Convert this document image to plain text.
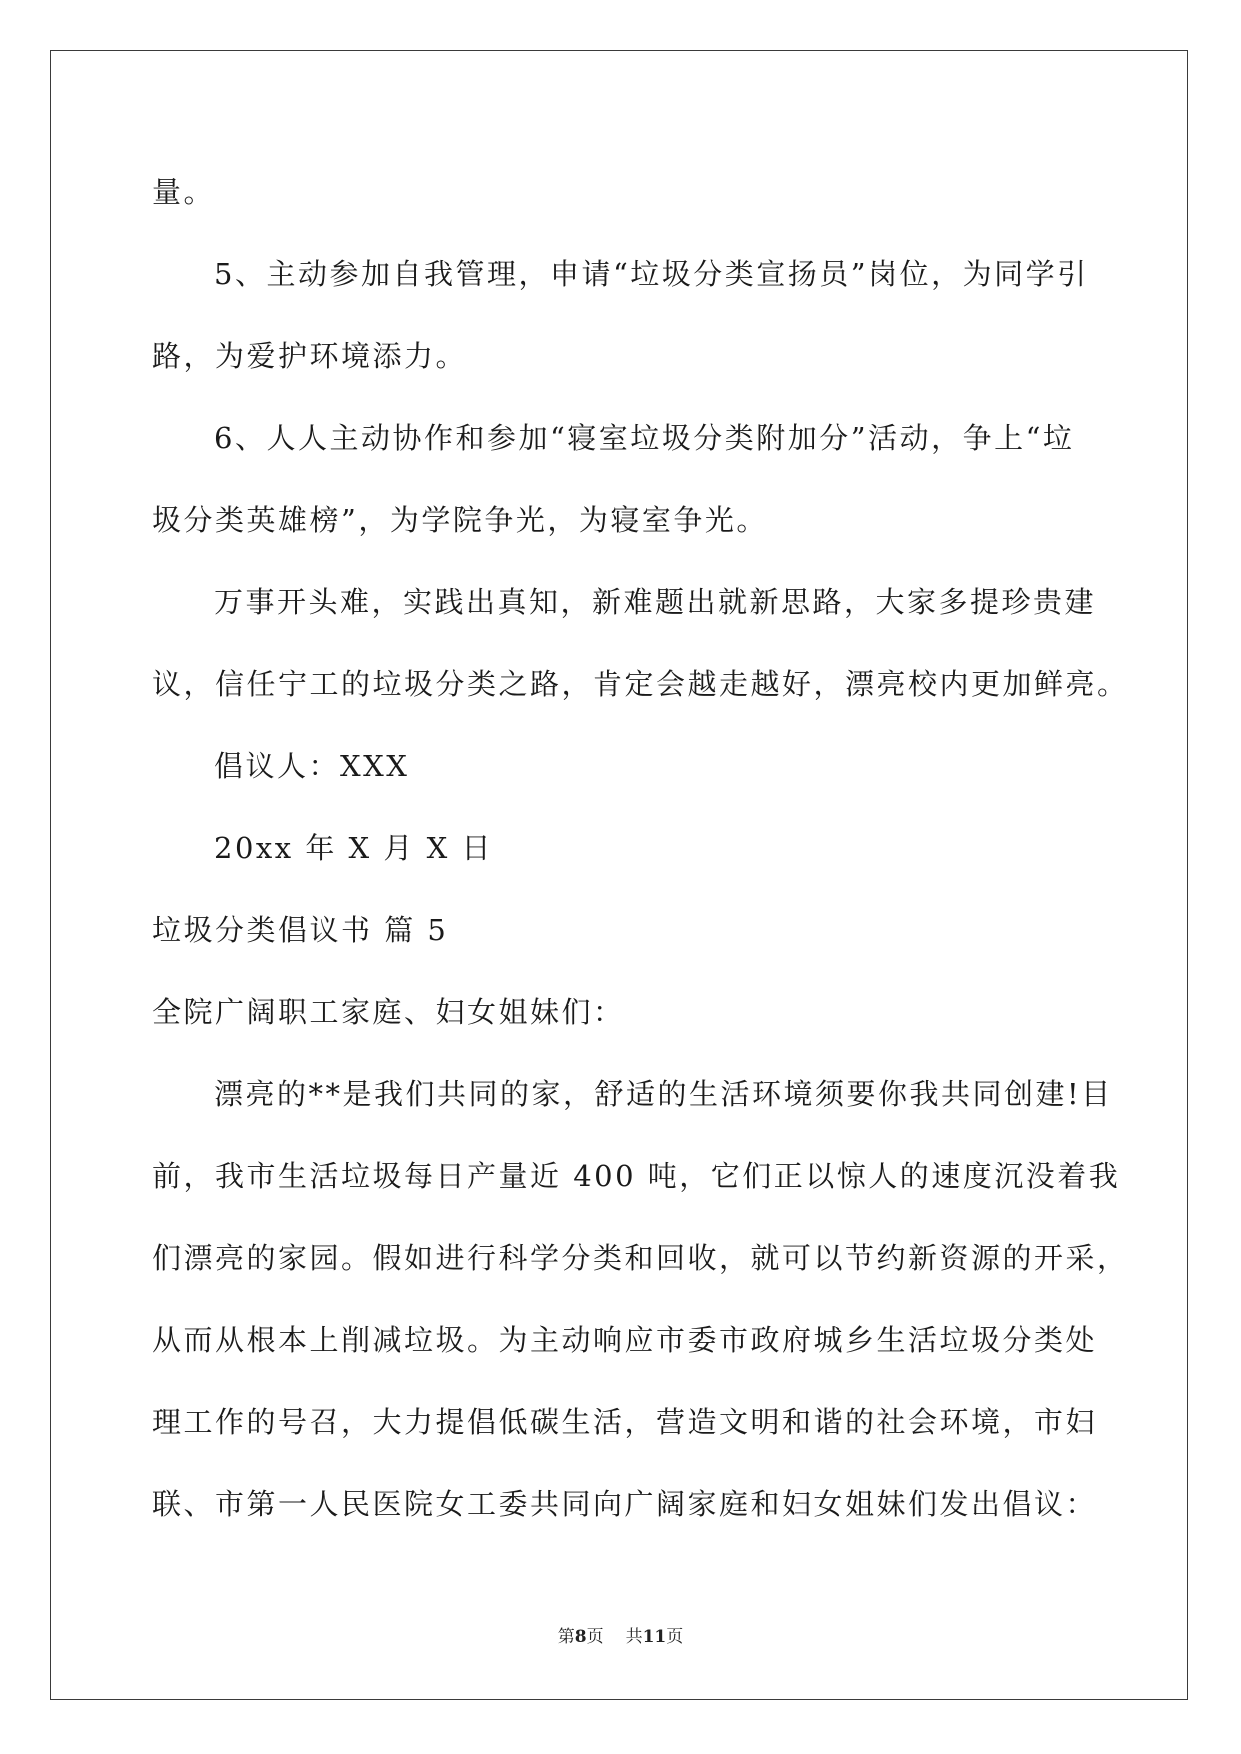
量。
5、主动参加自我管理，申请“垃圾分类宣扬员”岗位，为同学引
路，为爱护环境添力。
6、人人主动协作和参加“寝室垃圾分类附加分”活动，争上“垃
圾分类英雄榜”，为学院争光，为寝室争光。
万事开头难，实践出真知，新难题出就新思路，大家多提珍贵建
议，信任宁工的垃圾分类之路，肯定会越走越好，漂亮校内更加鲜亮。
倡议人：XXX
20xx 年 X 月 X 日
垃圾分类倡议书 篇 5
全院广阔职工家庭、妇女姐妹们：
漂亮的**是我们共同的家，舒适的生活环境须要你我共同创建!目
前，我市生活垃圾每日产量近 400 吨，它们正以惊人的速度沉没着我
们漂亮的家园。假如进行科学分类和回收，就可以节约新资源的开采，
从而从根本上削减垃圾。为主动响应市委市政府城乡生活垃圾分类处
理工作的号召，大力提倡低碳生活，营造文明和谐的社会环境，市妇
联、市第一人民医院女工委共同向广阔家庭和妇女姐妹们发出倡议：
第8页 共11页
